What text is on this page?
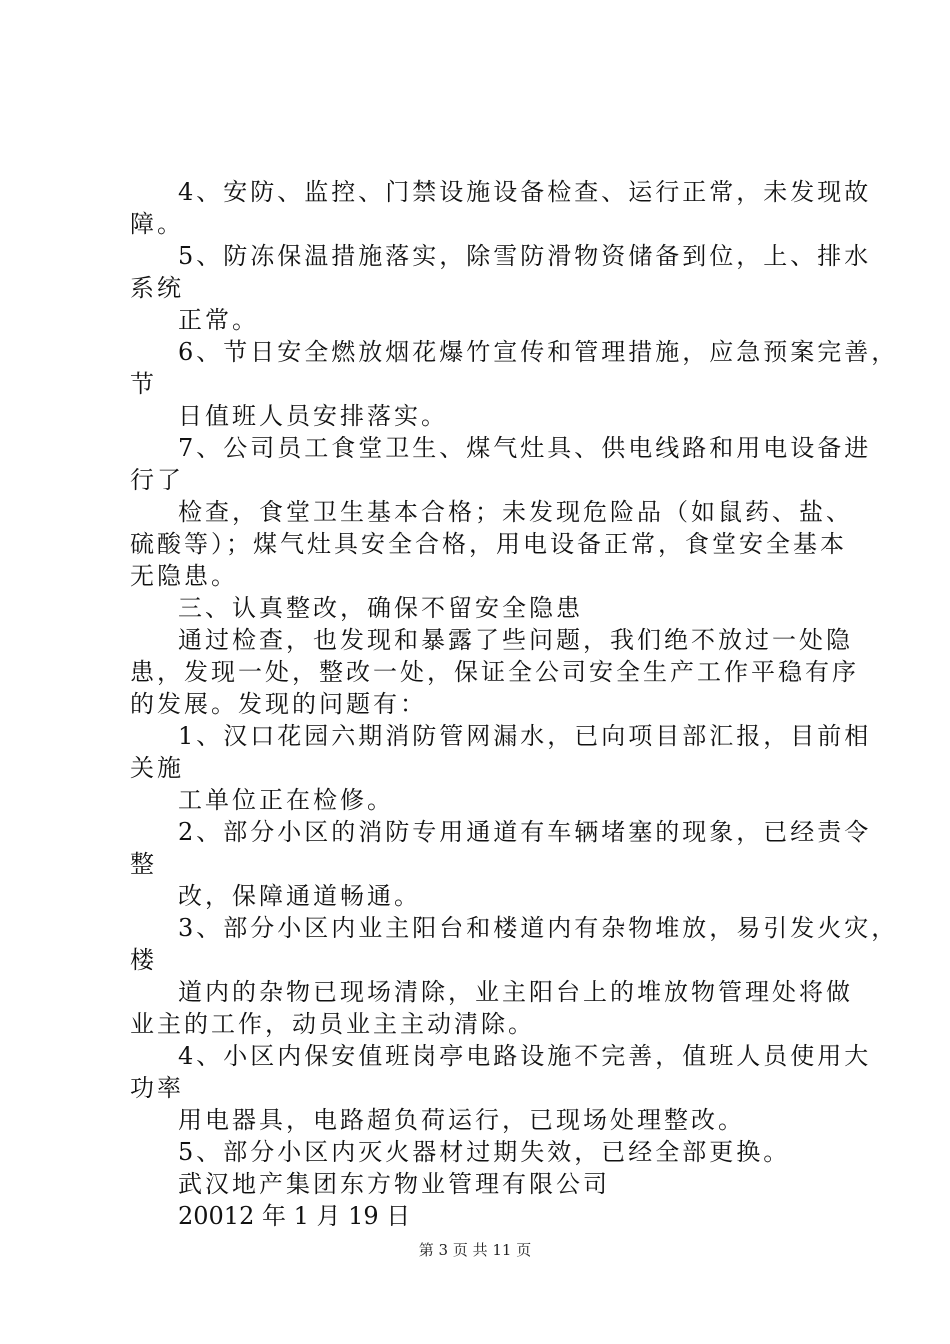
4、安防、监控、门禁设施设备检查、运行正常，未发现故
障。
5、防冻保温措施落实，除雪防滑物资储备到位，上、排水
系统
正常。
6、节日安全燃放烟花爆竹宣传和管理措施，应急预案完善，
节
日值班人员安排落实。
7、公司员工食堂卫生、煤气灶具、供电线路和用电设备进
行了
检查，食堂卫生基本合格；未发现危险品（如鼠药、盐、
硫酸等）；煤气灶具安全合格，用电设备正常，食堂安全基本
无隐患。
三、认真整改，确保不留安全隐患
通过检查，也发现和暴露了些问题，我们绝不放过一处隐
患，发现一处，整改一处，保证全公司安全生产工作平稳有序
的发展。发现的问题有：
1、汉口花园六期消防管网漏水，已向项目部汇报，目前相
关施
工单位正在检修。
2、部分小区的消防专用通道有车辆堵塞的现象，已经责令
整
改，保障通道畅通。
3、部分小区内业主阳台和楼道内有杂物堆放，易引发火灾，
楼
道内的杂物已现场清除，业主阳台上的堆放物管理处将做
业主的工作，动员业主主动清除。
4、小区内保安值班岗亭电路设施不完善，值班人员使用大
功率
用电器具，电路超负荷运行，已现场处理整改。
5、部分小区内灭火器材过期失效，已经全部更换。
武汉地产集团东方物业管理有限公司
20012 年 1 月 19 日
第 3 页 共 11 页
